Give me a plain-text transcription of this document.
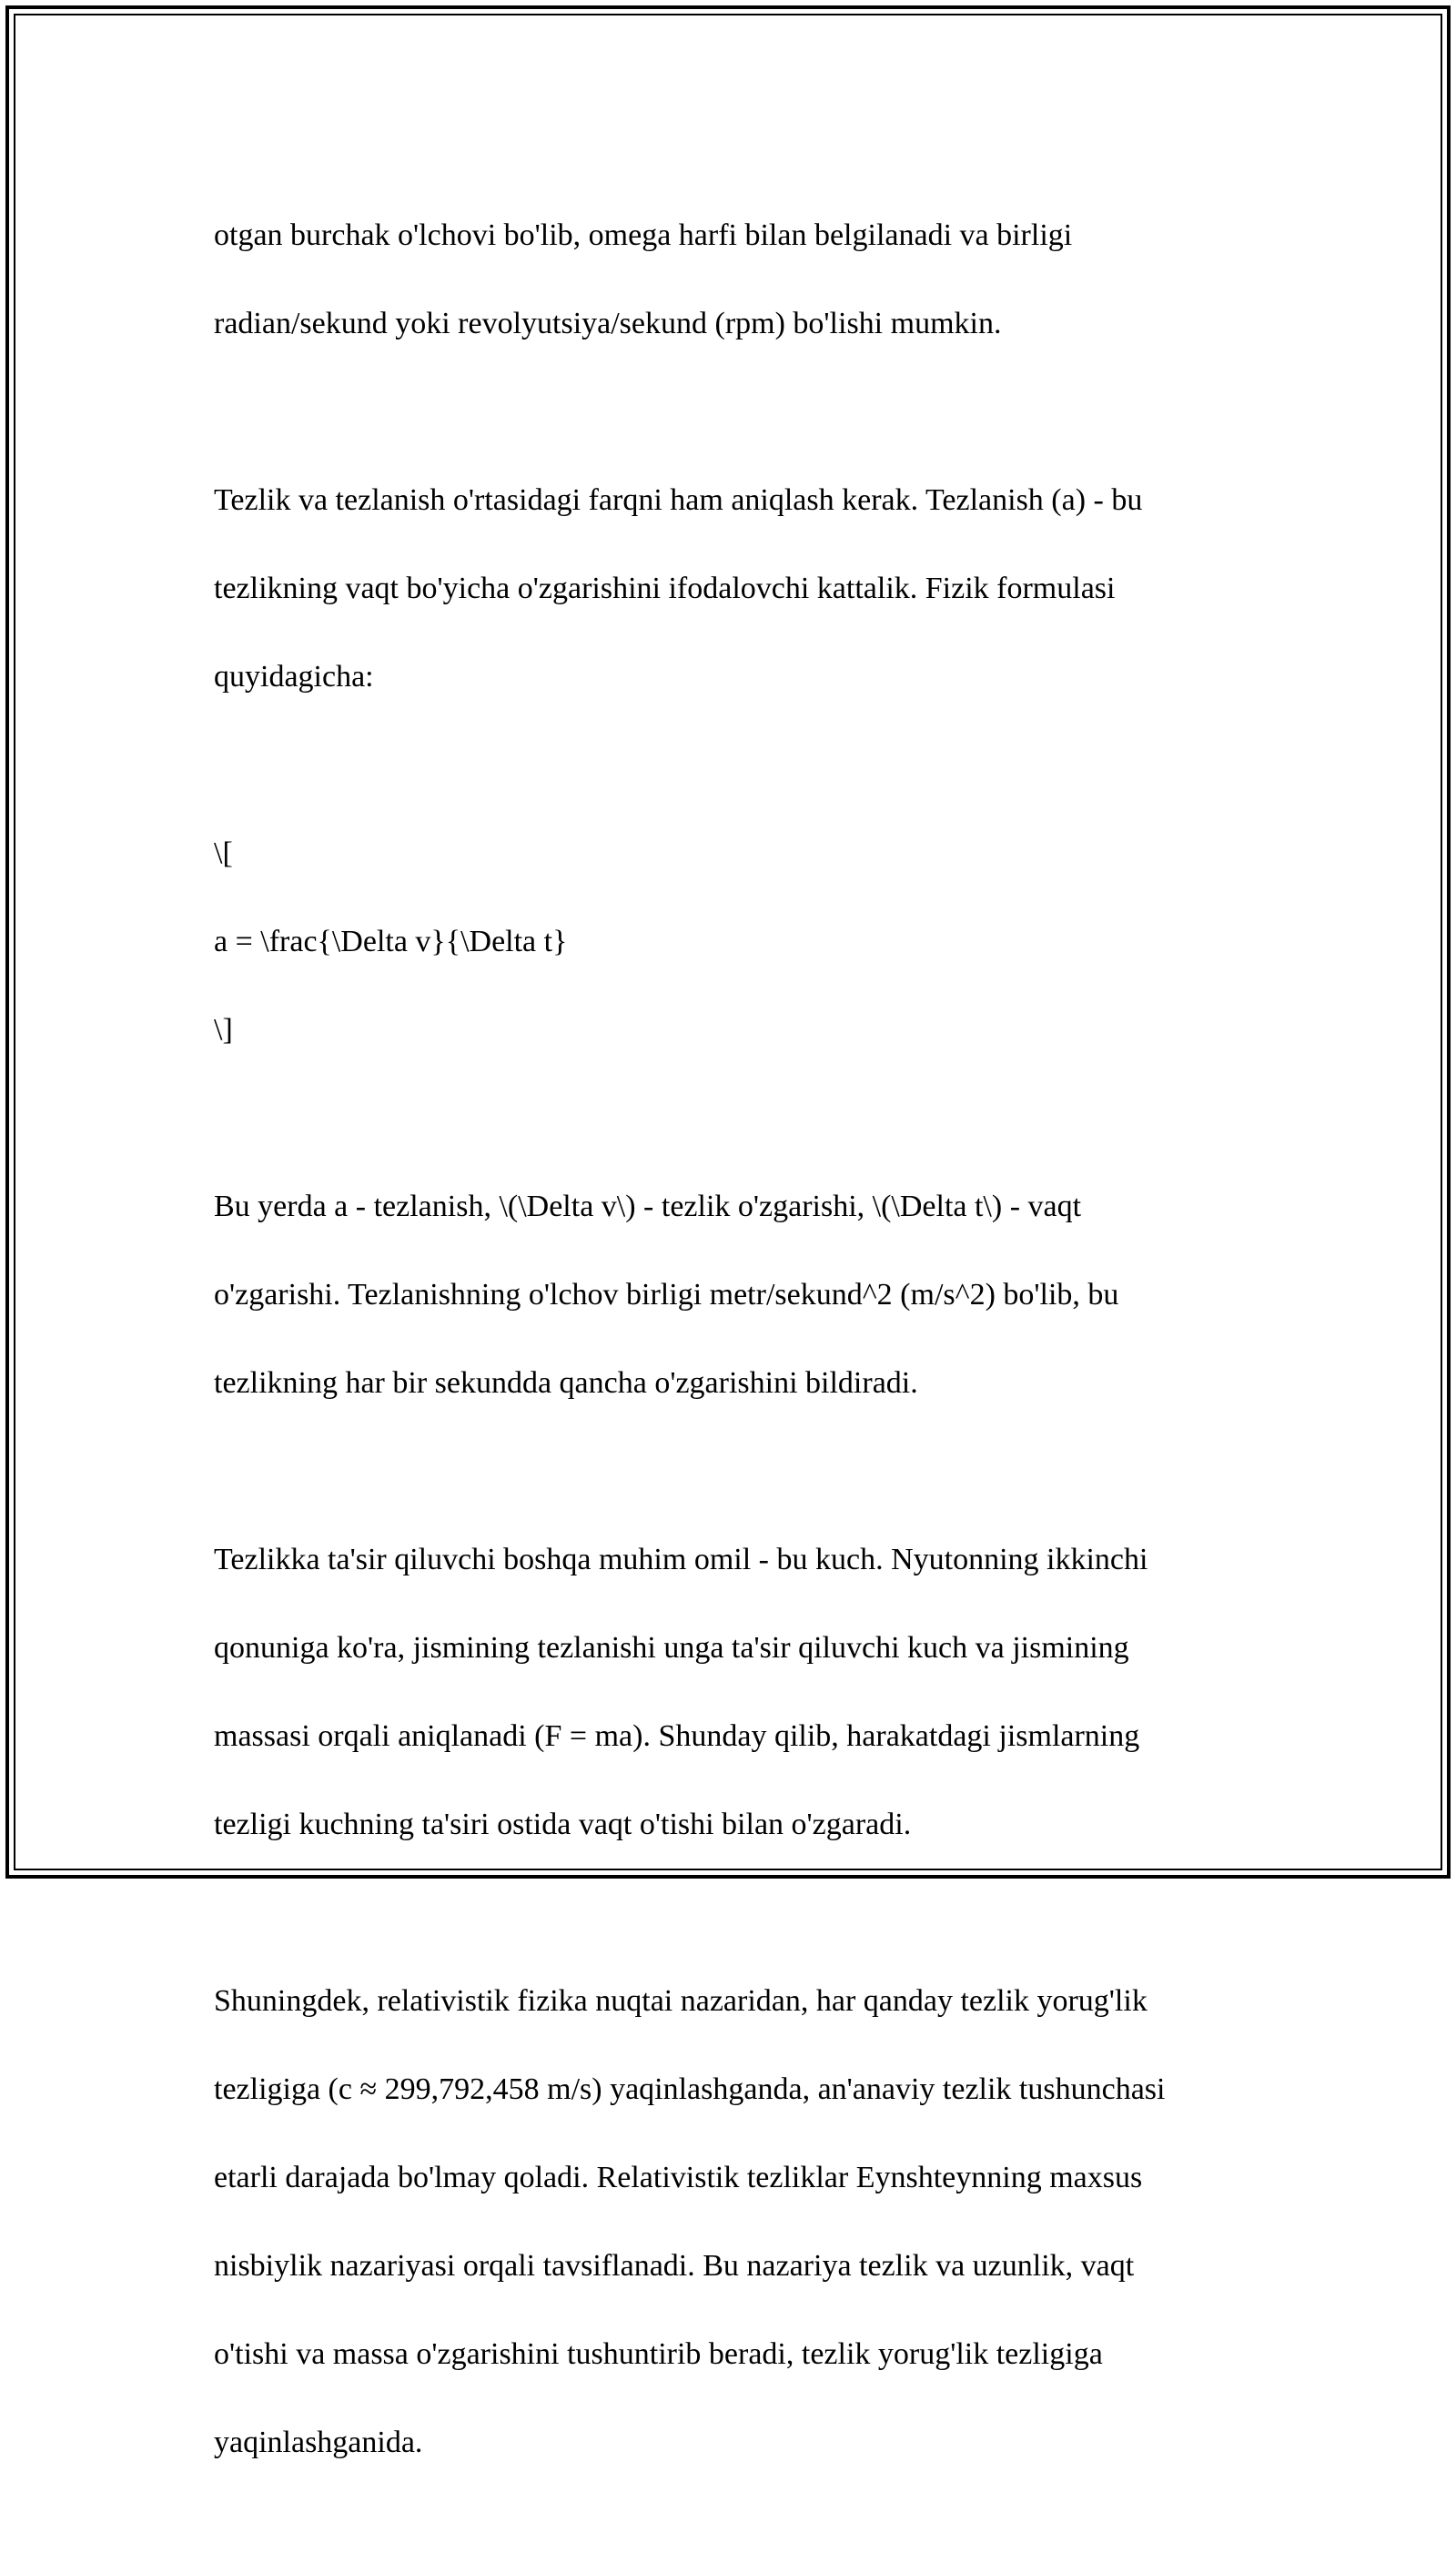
otgan burchak o'lchovi bo'lib, omega harfi bilan belgilanadi va birligi

radian/sekund yoki revolyutsiya/sekund (rpm) bo'lishi mumkin.

Tezlik va tezlanish o'rtasidagi farqni ham aniqlash kerak. Tezlanish (a) - bu

tezlikning vaqt bo'yicha o'zgarishini ifodalovchi kattalik. Fizik formulasi

quyidagicha:

\[

a = \frac{\Delta v}{\Delta t}

\]

Bu yerda a - tezlanish, \(\Delta v\) - tezlik o'zgarishi, \(\Delta t\) - vaqt

o'zgarishi. Tezlanishning o'lchov birligi metr/sekund^2 (m/s^2) bo'lib, bu

tezlikning har bir sekundda qancha o'zgarishini bildiradi.

Tezlikka ta'sir qiluvchi boshqa muhim omil - bu kuch. Nyutonning ikkinchi

qonuniga ko'ra, jismining tezlanishi unga ta'sir qiluvchi kuch va jismining

massasi orqali aniqlanadi (F = ma). Shunday qilib, harakatdagi jismlarning

tezligi kuchning ta'siri ostida vaqt o'tishi bilan o'zgaradi.

Shuningdek, relativistik fizika nuqtai nazaridan, har qanday tezlik yorug'lik

tezligiga (c ≈ 299,792,458 m/s) yaqinlashganda, an'anaviy tezlik tushunchasi

etarli darajada bo'lmay qoladi. Relativistik tezliklar Eynshteynning maxsus

nisbiylik nazariyasi orqali tavsiflanadi. Bu nazariya tezlik va uzunlik, vaqt

o'tishi va massa o'zgarishini tushuntirib beradi, tezlik yorug'lik tezligiga

yaqinlashganida.
